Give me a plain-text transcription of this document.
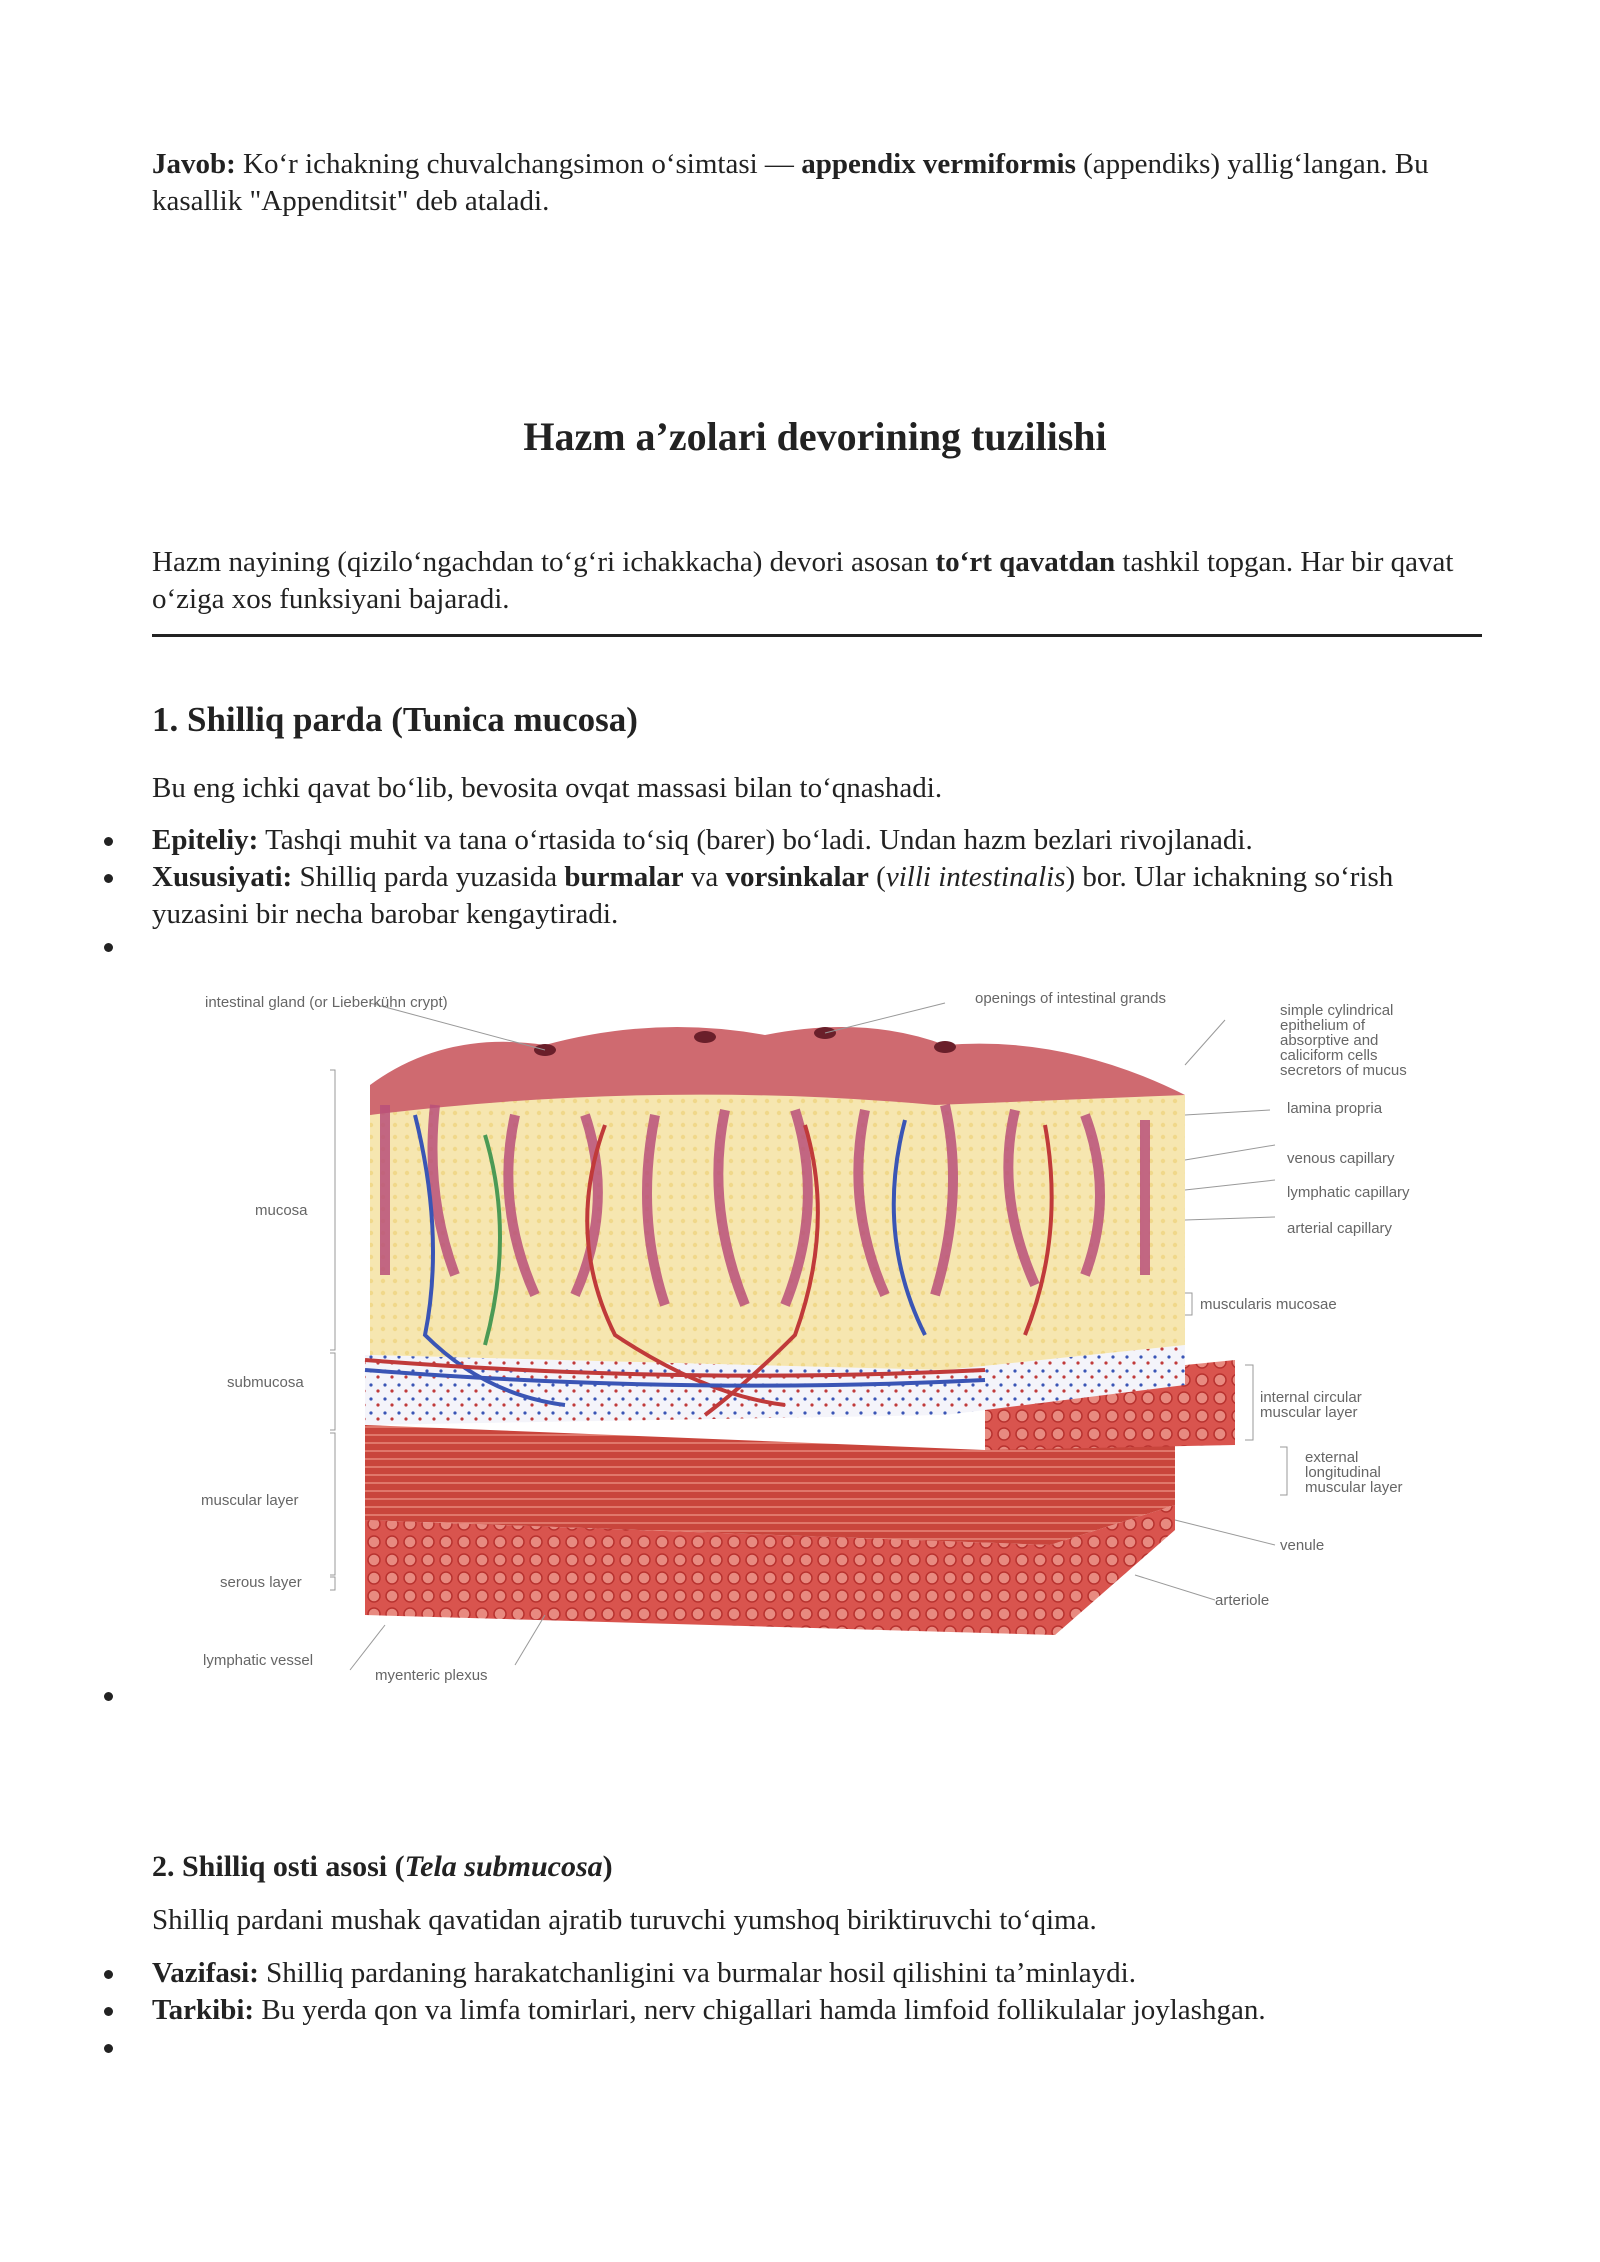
Javob: Ko‘r ichakning chuvalchangsimon o‘simtasi — appendix vermiformis (appendiks) yallig‘langan. Bu kasallik "Appenditsit" deb ataladi.

Hazm a’zolari devorining tuzilishi

Hazm nayining (qizilo‘ngachdan to‘g‘ri ichakkacha) devori asosan to‘rt qavatdan tashkil topgan. Har bir qavat o‘ziga xos funksiyani bajaradi.

1. Shilliq parda (Tunica mucosa)

Bu eng ichki qavat bo‘lib, bevosita ovqat massasi bilan to‘qnashadi.

Epiteliy: Tashqi muhit va tana o‘rtasida to‘siq (barer) bo‘ladi. Undan hazm bezlari rivojlanadi.
Xususiyati: Shilliq parda yuzasida burmalar va vorsinkalar (villi intestinalis) bor. Ular ichakning so‘rish yuzasini bir necha barobar kengaytiradi.
intestinal gland (or Lieberkühn crypt)	openings of intestinal grands
simple cylindrical
epithelium of
absorptive and
caliciform cells
secretors of mucus
lamina propria
venous capillary
lymphatic capillary
arterial capillary
muscularis mucosae
internal circular
muscular layer
external
longitudinal
muscular layer
venule
arteriole
mucosa
submucosa
muscular layer
serous layer
lymphatic vessel
myenteric plexus
2. Shilliq osti asosi (Tela submucosa)

Shilliq pardani mushak qavatidan ajratib turuvchi yumshoq biriktiruvchi to‘qima.

Vazifasi: Shilliq pardaning harakatchanligini va burmalar hosil qilishini ta’minlaydi.
Tarkibi: Bu yerda qon va limfa tomirlari, nerv chigallari hamda limfoid follikulalar joylashgan.
